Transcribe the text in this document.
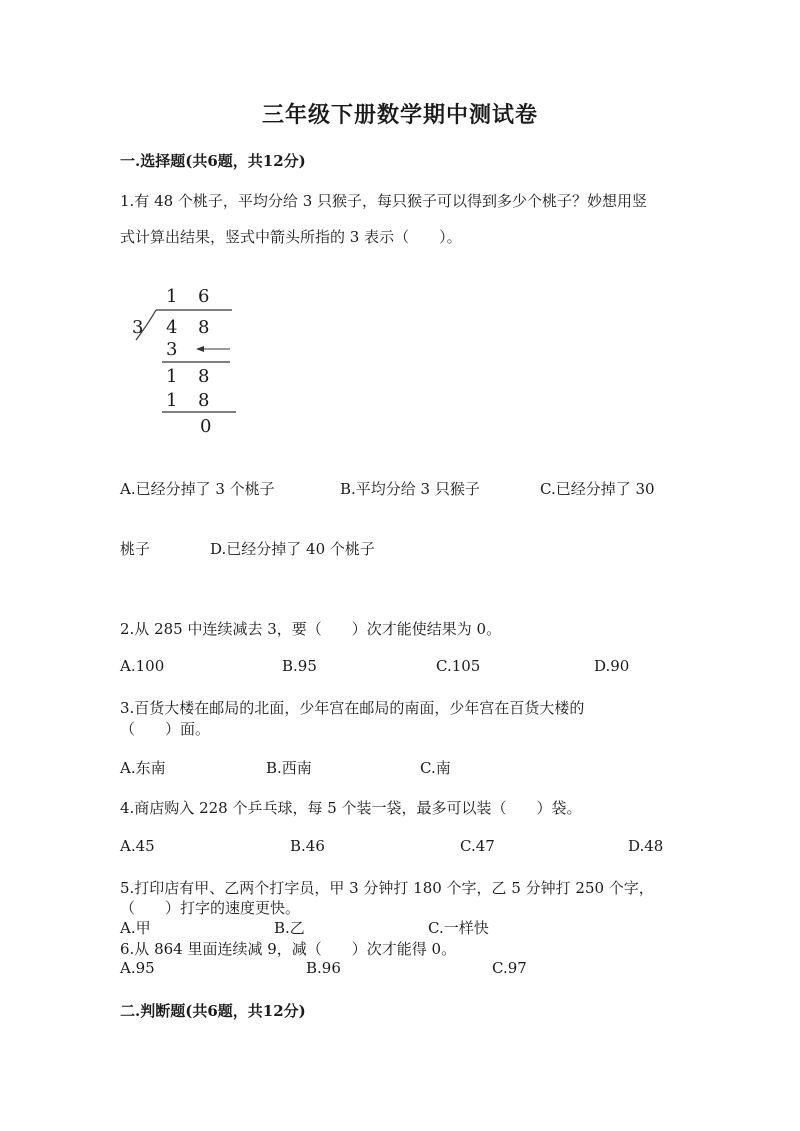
三年级下册数学期中测试卷
一.选择题(共6题，共12分)
1.有 48 个桃子，平均分给 3 只猴子，每只猴子可以得到多少个桃子？妙想用竖
式计算出结果，竖式中箭头所指的 3 表示（　　）。
1 6
3 4 8
3
1 8
1 8
0
A.已经分掉了 3 个桃子	B.平均分给 3 只猴子	C.已经分掉了 30
桃子	D.已经分掉了 40 个桃子
2.从 285 中连续减去 3，要（　　）次才能使结果为 0。
A.100	B.95	C.105	D.90
3.百货大楼在邮局的北面，少年宫在邮局的南面，少年宫在百货大楼的
（　　）面。
A.东南	B.西南	C.南
4.商店购入 228 个乒乓球，每 5 个装一袋，最多可以装（　　）袋。
A.45	B.46	C.47	D.48
5.打印店有甲、乙两个打字员，甲 3 分钟打 180 个字，乙 5 分钟打 250 个字，
（　　）打字的速度更快。
A.甲	B.乙	C.一样快
6.从 864 里面连续减 9，减（　　）次才能得 0。
A.95	B.96	C.97
二.判断题(共6题，共12分)
